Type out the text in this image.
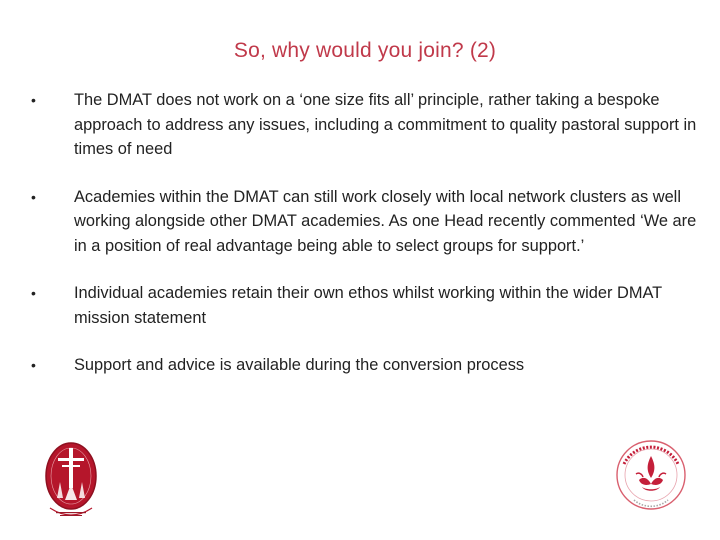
So, why would you join? (2)
• The DMAT does not work on a ‘one size fits all’ principle, rather taking a bespoke approach to address any issues, including a commitment to quality pastoral support in times of need
• Academies within the DMAT can still work closely with local network clusters as well working alongside other DMAT academies. As one Head recently commented ‘We are in a position of real advantage being able to select groups for support.’
• Individual academies retain their own ethos whilst working within the wider DMAT mission statement
• Support and advice is available during the conversion process
